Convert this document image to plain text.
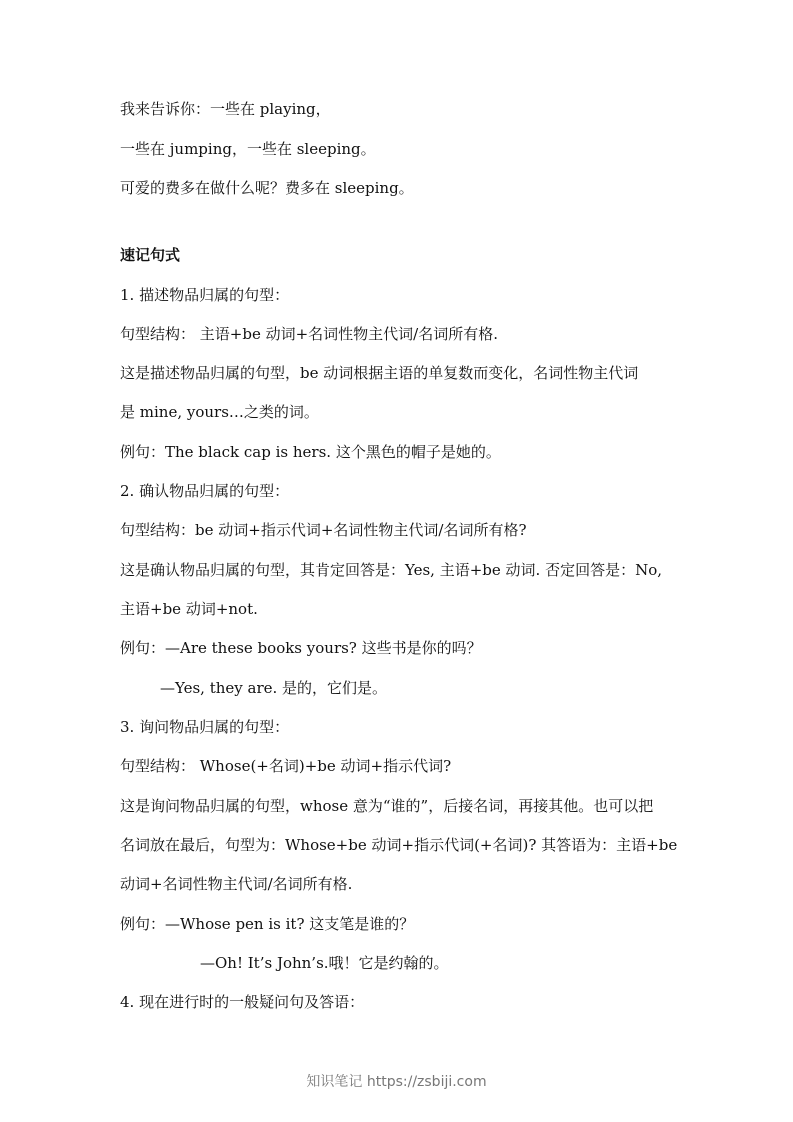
我来告诉你：一些在 playing，
一些在 jumping，一些在 sleeping。
可爱的费多在做什么呢？费多在 sleeping。
速记句式
1. 描述物品归属的句型：
句型结构： 主语+be 动词+名词性物主代词/名词所有格.
这是描述物品归属的句型，be 动词根据主语的单复数而变化，名词性物主代词
是 mine, yours…之类的词。
例句：The black cap is hers. 这个黑色的帽子是她的。
2. 确认物品归属的句型：
句型结构：be 动词+指示代词+名词性物主代词/名词所有格?
这是确认物品归属的句型，其肯定回答是：Yes, 主语+be 动词. 否定回答是：No,
主语+be 动词+not.
例句：—Are these books yours? 这些书是你的吗？
—Yes, they are. 是的，它们是。
3. 询问物品归属的句型：
句型结构： Whose(+名词)+be 动词+指示代词?
这是询问物品归属的句型，whose 意为“谁的”，后接名词，再接其他。也可以把
名词放在最后，句型为：Whose+be 动词+指示代词(+名词)? 其答语为：主语+be
动词+名词性物主代词/名词所有格.
例句：—Whose pen is it? 这支笔是谁的？
—Oh! It’s John’s.哦！它是约翰的。
4. 现在进行时的一般疑问句及答语：
知识笔记 https://zsbiji.com
